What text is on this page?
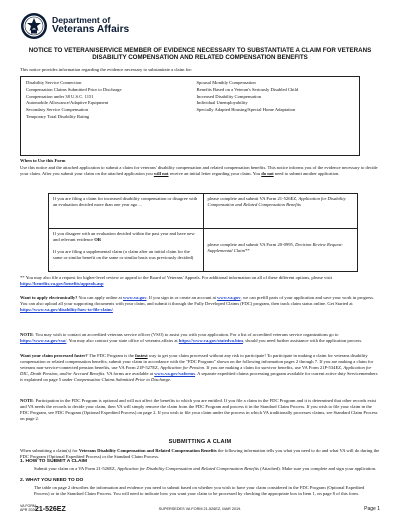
Department of
Veterans Affairs
NOTICE TO VETERAN/SERVICE MEMBER OF EVIDENCE NECESSARY TO SUBSTANTIATE A CLAIM FOR VETERANS DISABILITY COMPENSATION AND RELATED COMPENSATION BENEFITS
This notice provides information regarding the evidence necessary to substantiate a claim for:
Disability Service Connection
Compensation Claims Submitted Prior to Discharge
Compensation under 38 U.S.C. 1151
Automobile Allowance/Adaptive Equipment
Secondary Service Compensation
Temporary Total Disability Rating
Spousal Monthly Compensation
Benefits Based on a Veteran's Seriously Disabled Child
Increased Disability Compensation
Individual Unemployability
Specially Adapted Housing/Special Home Adaptation
When to Use this Form
Use this notice and the attached application to submit a claim for veterans' disability compensation and related compensation benefits. This notice informs you of the evidence necessary to decide your claim. After you submit your claim on the attached application you will not receive an initial letter regarding your claim. You do not need to submit another application.
If you are filing a claim for increased disability compensation or disagree with an evaluation decided more than one year ago ...	please complete and submit VA Form 21-526EZ, Application for Disability Compensation and Related Compensation Benefits
If you disagree with an evaluation decided within the past year and have new and relevant evidence OR

If you are filing a supplemental claim (a claim after an initial claim for the same or similar benefit on the same or similar basis was previously decided)	please complete and submit VA Form 20-0995, Decision Review Request: Supplemental Claim**
** You may also file a request for higher-level review or appeal to the Board of Veterans' Appeals. For additional information on all of these different options, please visit https://benefits.va.gov/benefits/appeals.asp
Want to apply electronically? You can apply online at www.va.gov. If you sign in or create an account at www.va.gov, we can prefill parts of your application and save your work in progress. You can also upload all your supporting documents with your claim, and submit it through the Fully Developed Claims (FDC) program, then track claim status online. Get Started at https://www.va.gov/disability/how-to-file-claim/.
NOTE: You may wish to contact an accredited veterans service officer (VSO) to assist you with your application. For a list of accredited veterans service organizations go to https://www.va.gov/vso/. You may also contact your state office of veterans affairs at https://www.va.gov/statedva.htm, should you need further assistance with the application process.
Want your claim processed faster? The FDC Program is the fastest way to get your claim processed without any risk to participate! To participate in making a claim for veterans disability compensation or related compensation benefits, submit your claim in accordance with the "FDC Program" shown on the following information pages 2 through 7. If you are making a claim for veterans non-service-connected pension benefits, use VA Form 21P-527EZ, Application for Pension. If you are making a claim for survivor benefits, use VA Form 21P-534EZ, Application for DIC, Death Pension, and/or Accrued Benefits. VA forms are available at www.va.gov/vaforms. A separate expedited claims processing program available for current active duty Servicemembers is explained on page 5 under Compensation Claims Submitted Prior to Discharge.
NOTE: Participation in the FDC Program is optional and will not affect the benefits to which you are entitled. If you file a claim in the FDC Program and it is determined that other records exist and VA needs the records to decide your claim, then VA will simply remove the claim from the FDC Program and process it in the Standard Claim Process. If you wish to file your claim in the FDC Program, see FDC Program (Optional Expedited Process) on page 2. If you wish to file your claim under the process in which VA traditionally processes claims, see Standard Claim Process on page 2.
SUBMITTING A CLAIM
When submitting a claim(s) for Veterans Disability Compensation and Related Compensation Benefits the following information tells you what you need to do and what VA will do during the FDC Program (Optional Expedited Process) or the Standard Claim Process.
1. HOW TO SUBMIT A CLAIM
Submit your claim on a VA Form 21-526EZ, Application for Disability Compensation and Related Compensation Benefits (Attached). Make sure you complete and sign your application.
2. WHAT YOU NEED TO DO
The table on page 2 describes the information and evidence you need to submit based on whether you wish to have your claim considered in the FDC Program (Optional Expedited Process) or in the Standard Claim Process. You will need to indicate how you want your claim to be processed by checking the appropriate box in Item 1, on page 8 of this form.
VA FORM
APR 2020
21-526EZ	SUPERSEDES VA FORM 21-526EZ, MAR 2019.	Page 1
